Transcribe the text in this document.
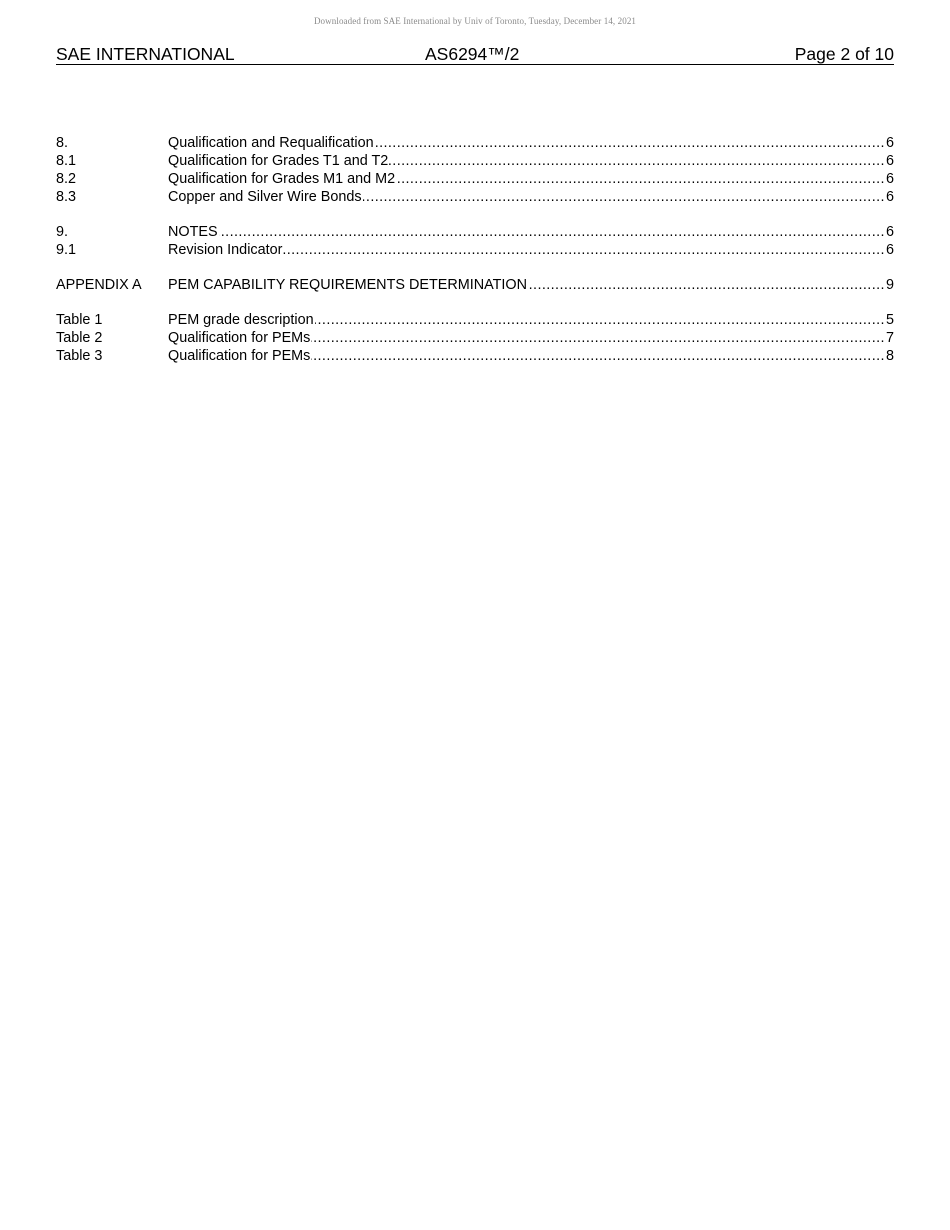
Downloaded from SAE International by Univ of Toronto, Tuesday, December 14, 2021
SAE INTERNATIONAL	AS6294™/2	Page 2 of 10
8. .....	Qualification and Requalification	6
8.1 .....	Qualification for Grades T1 and T2	6
8.2 .....	Qualification for Grades M1 and M2	6
8.3 .....	Copper and Silver Wire Bonds	6
9. .....	NOTES	6
9.1 .....	Revision Indicator	6
APPENDIX A ..... PEM CAPABILITY REQUIREMENTS DETERMINATION	9
Table 1 .....	PEM grade description	5
Table 2 .....	Qualification for PEMs	7
Table 3 .....	Qualification for PEMs	8
